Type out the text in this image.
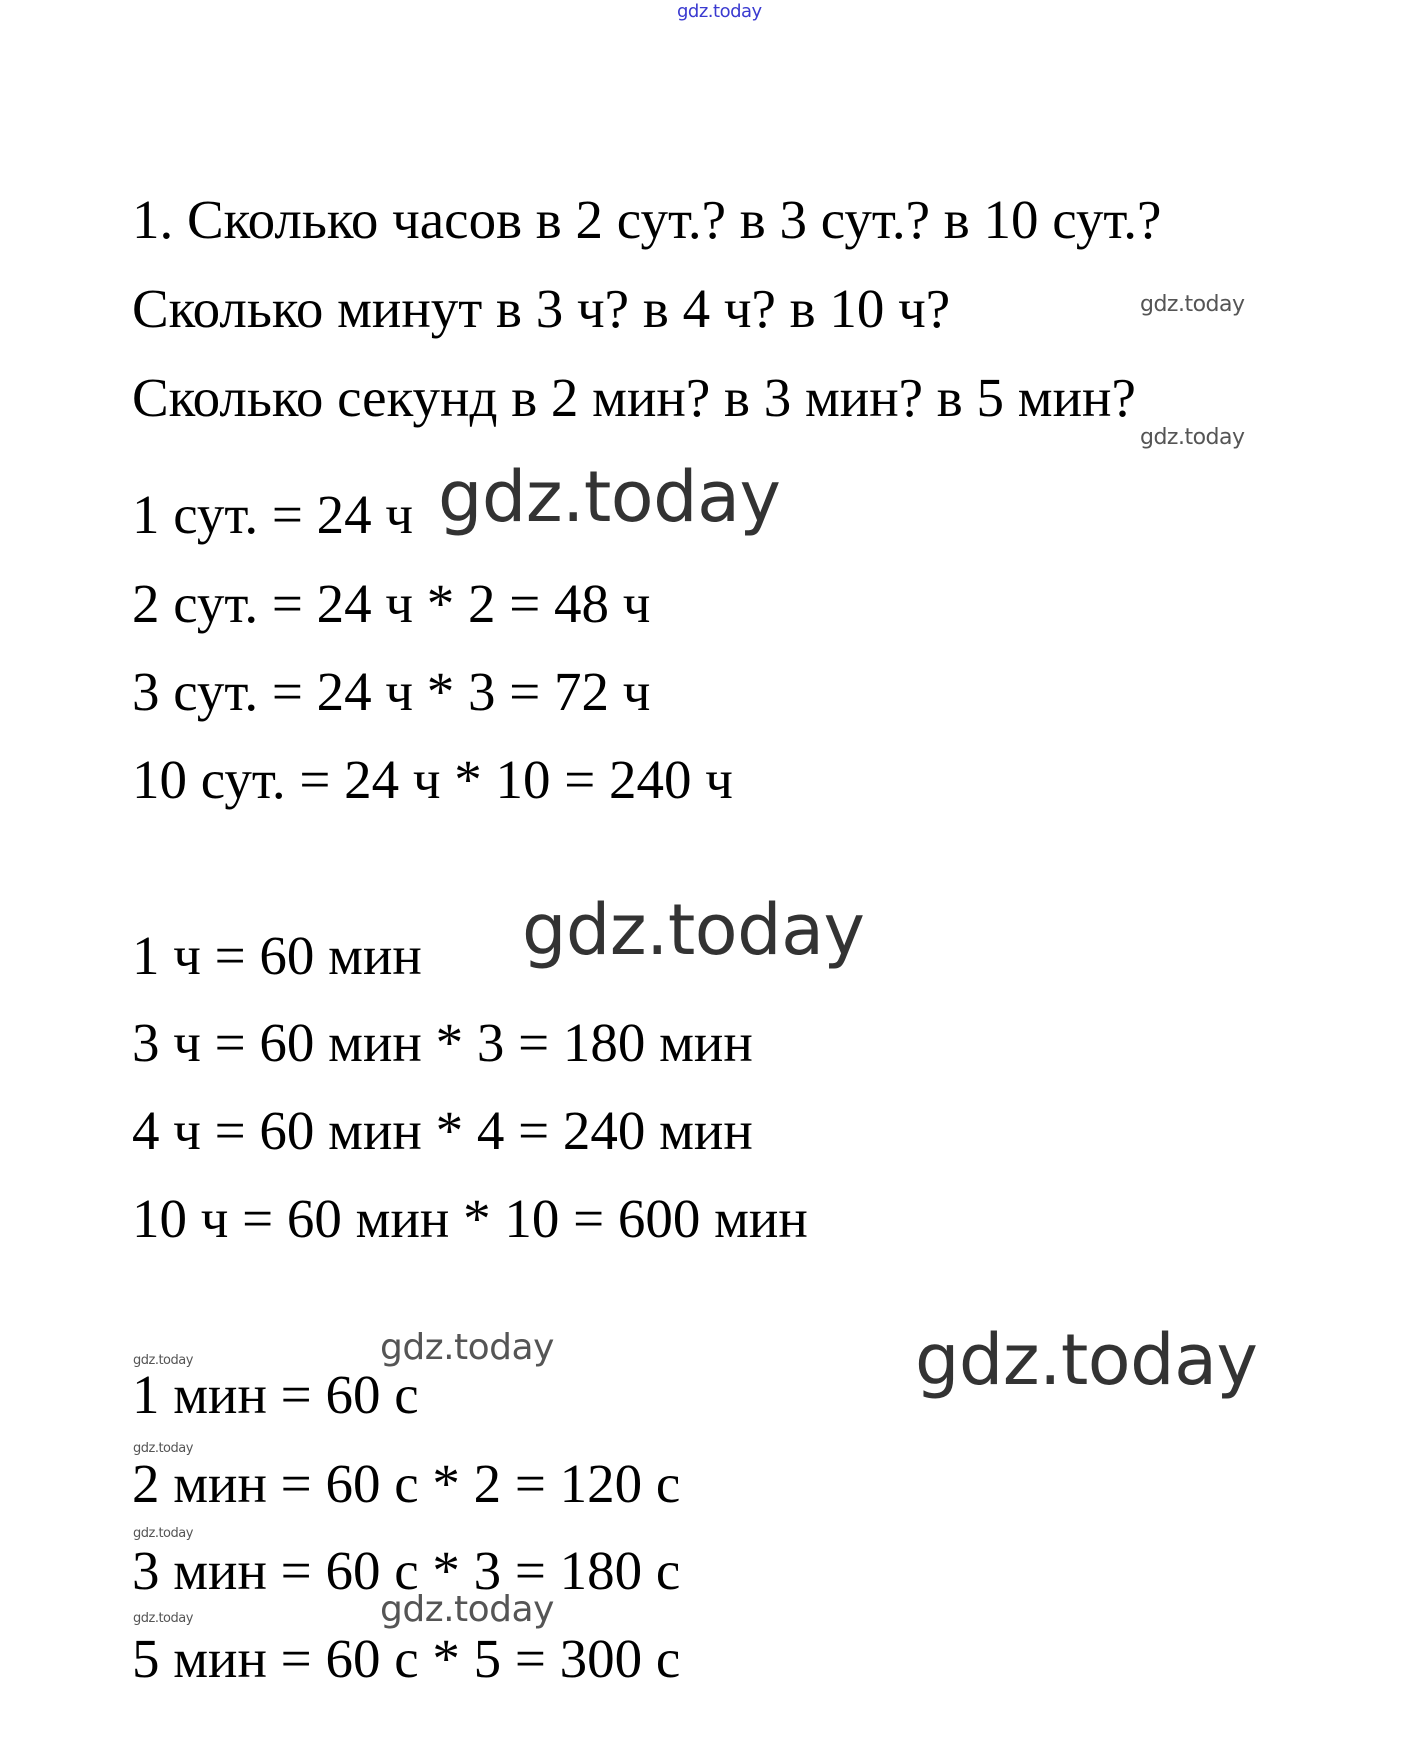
gdz.today
1. Сколько часов в 2 сут.? в 3 сут.? в 10 сут.?
Сколько минут в 3 ч? в 4 ч? в 10 ч?	gdz.today
Сколько секунд в 2 мин? в 3 мин? в 5 мин?
gdz.today
1 сут. = 24 ч gdz.today
2 сут. = 24 ч * 2 = 48 ч
3 сут. = 24 ч * 3 = 72 ч
10 сут. = 24 ч * 10 = 240 ч
1 ч = 60 мин gdz.today
3 ч = 60 мин * 3 = 180 мин
4 ч = 60 мин * 4 = 240 мин
10 ч = 60 мин * 10 = 600 мин
gdz.today	gdz.today
gdz.today
1 мин = 60 с
gdz.today
2 мин = 60 с * 2 = 120 с
gdz.today
3 мин = 60 с * 3 = 180 с
gdz.today
gdz.today
5 мин = 60 с * 5 = 300 с
